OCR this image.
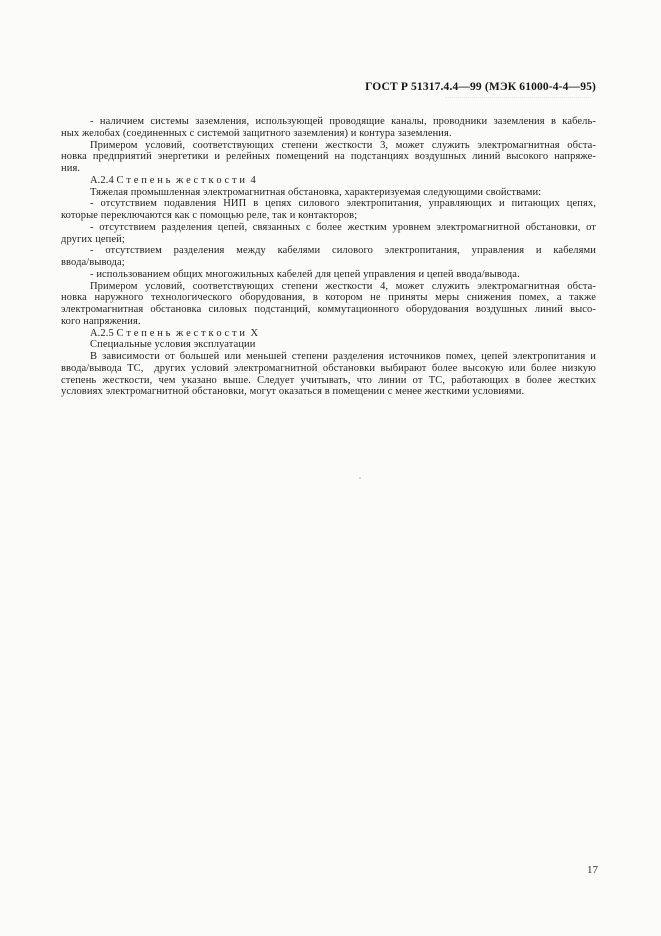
ГОСТ Р 51317.4.4—99 (МЭК 61000-4-4—95)
- наличием системы заземления, использующей проводящие каналы, проводники заземления в кабель-
ных желобах (соединенных с системой защитного заземления) и контура заземления.
Примером условий, соответствующих степени жесткости 3, может служить электромагнитная обста-
новка предприятий энергетики и релейных помещений на подстанциях воздушных линий высокого напряже-
ния.
А.2.4 С т е п е н ь  ж е с т к о с т и  4
Тяжелая промышленная электромагнитная обстановка, характеризуемая следующими свойствами:
- отсутствием подавления НИП в цепях силового электропитания, управляющих и питающих цепях,
которые переключаются как с помощью реле, так и контакторов;
- отсутствием разделения цепей, связанных с более жестким уровнем электромагнитной обстановки, от
других цепей;
- отсутствием разделения между кабелями силового электропитания, управления и кабелями
ввода/вывода;
- использованием общих многожильных кабелей для цепей управления и цепей ввода/вывода.
Примером условий, соответствующих степени жесткости 4, может служить электромагнитная обста-
новка наружного технологического оборудования, в котором не приняты меры снижения помех, а также
электромагнитная обстановка силовых подстанций, коммутационного оборудования воздушных линий высо-
кого напряжения.
А.2.5 С т е п е н ь  ж е с т к о с т и  X
Специальные условия эксплуатации
В зависимости от большей или меньшей степени разделения источников помех, цепей электропитания и
ввода/вывода ТС,  других условий электромагнитной обстановки выбирают более высокую или более низкую
степень жесткости, чем указано выше. Следует учитывать, что линии от ТС, работающих в более жестких
условиях электромагнитной обстановки, могут оказаться в помещении с менее жесткими условиями.
17
